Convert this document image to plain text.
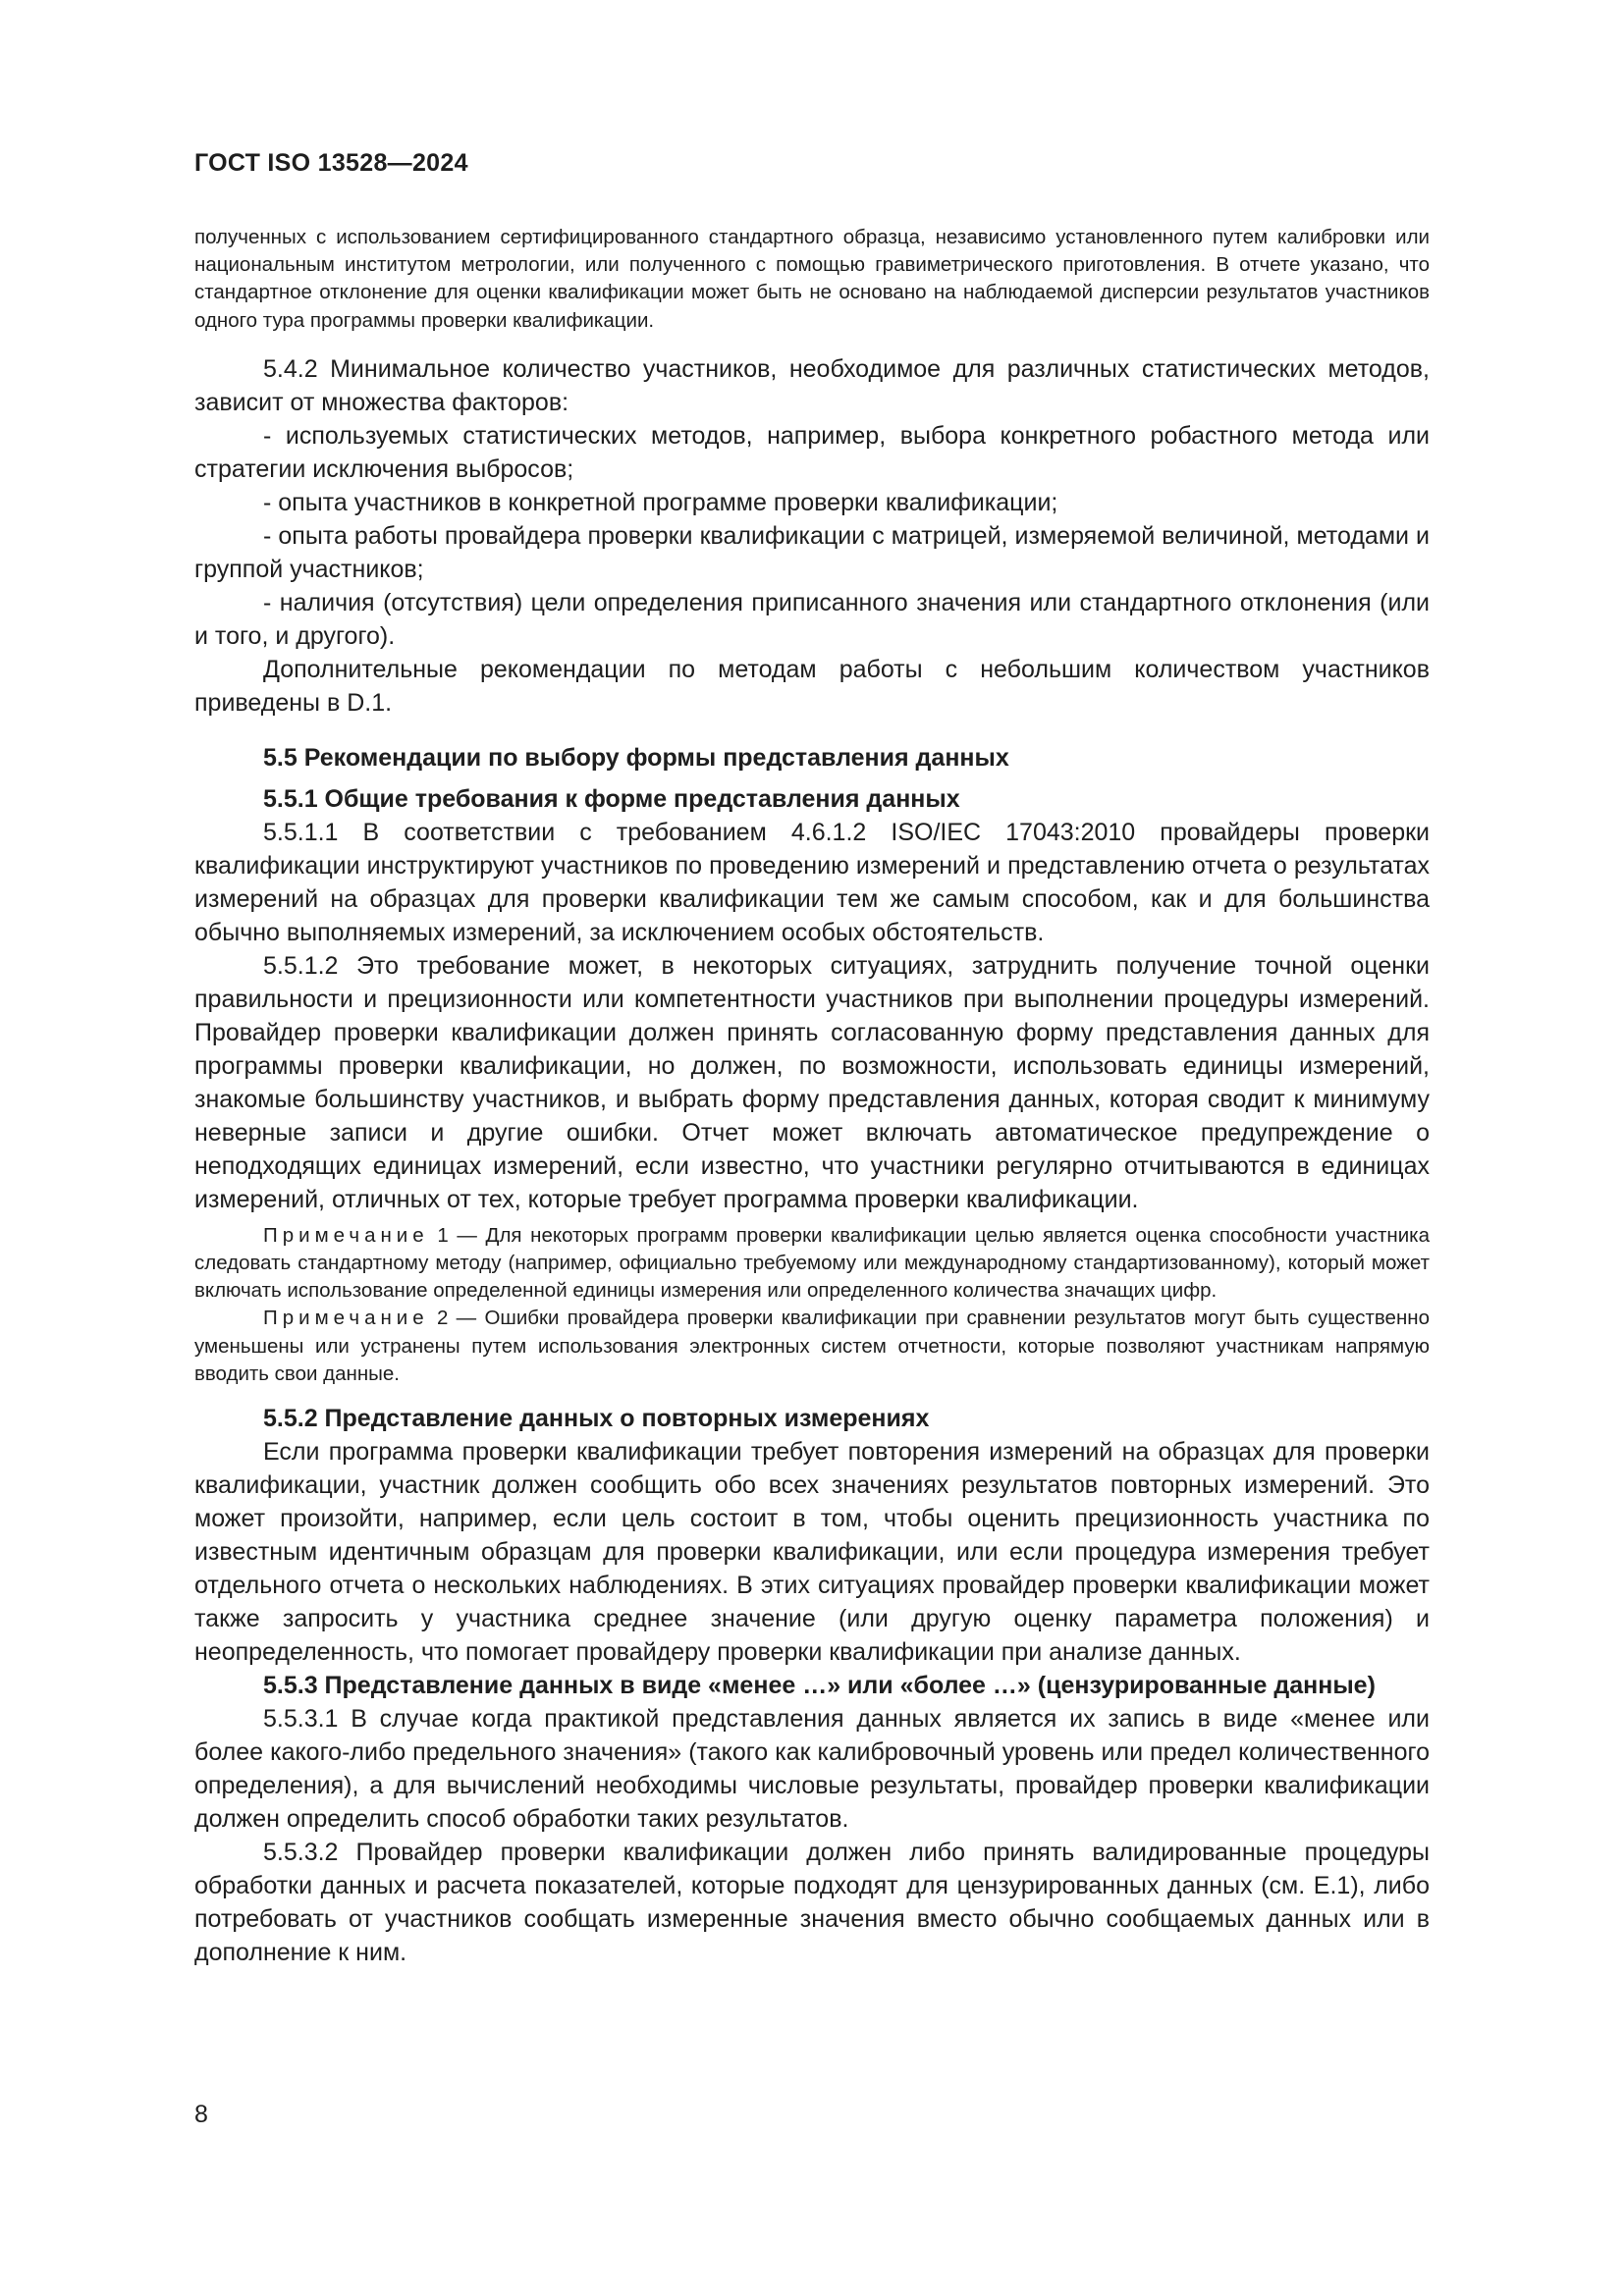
ГОСТ ISO 13528—2024

полученных с использованием сертифицированного стандартного образца, независимо установленного путем калибровки или национальным институтом метрологии, или полученного с помощью гравиметрического приготовления. В отчете указано, что стандартное отклонение для оценки квалификации может быть не основано на наблюдаемой дисперсии результатов участников одного тура программы проверки квалификации.

5.4.2 Минимальное количество участников, необходимое для различных статистических методов, зависит от множества факторов:

- используемых статистических методов, например, выбора конкретного робастного метода или стратегии исключения выбросов;

- опыта участников в конкретной программе проверки квалификации;

- опыта работы провайдера проверки квалификации с матрицей, измеряемой величиной, методами и группой участников;

- наличия (отсутствия) цели определения приписанного значения или стандартного отклонения (или и того, и другого).

Дополнительные рекомендации по методам работы с небольшим количеством участников приведены в D.1.

5.5 Рекомендации по выбору формы представления данных

5.5.1 Общие требования к форме представления данных

5.5.1.1 В соответствии с требованием 4.6.1.2 ISO/IEC 17043:2010 провайдеры проверки квалификации инструктируют участников по проведению измерений и представлению отчета о результатах измерений на образцах для проверки квалификации тем же самым способом, как и для большинства обычно выполняемых измерений, за исключением особых обстоятельств.

5.5.1.2 Это требование может, в некоторых ситуациях, затруднить получение точной оценки правильности и прецизионности или компетентности участников при выполнении процедуры измерений. Провайдер проверки квалификации должен принять согласованную форму представления данных для программы проверки квалификации, но должен, по возможности, использовать единицы измерений, знакомые большинству участников, и выбрать форму представления данных, которая сводит к минимуму неверные записи и другие ошибки. Отчет может включать автоматическое предупреждение о неподходящих единицах измерений, если известно, что участники регулярно отчитываются в единицах измерений, отличных от тех, которые требует программа проверки квалификации.

Примечание 1 — Для некоторых программ проверки квалификации целью является оценка способности участника следовать стандартному методу (например, официально требуемому или международному стандартизованному), который может включать использование определенной единицы измерения или определенного количества значащих цифр.

Примечание 2 — Ошибки провайдера проверки квалификации при сравнении результатов могут быть существенно уменьшены или устранены путем использования электронных систем отчетности, которые позволяют участникам напрямую вводить свои данные.

5.5.2 Представление данных о повторных измерениях

Если программа проверки квалификации требует повторения измерений на образцах для проверки квалификации, участник должен сообщить обо всех значениях результатов повторных измерений. Это может произойти, например, если цель состоит в том, чтобы оценить прецизионность участника по известным идентичным образцам для проверки квалификации, или если процедура измерения требует отдельного отчета о нескольких наблюдениях. В этих ситуациях провайдер проверки квалификации может также запросить у участника среднее значение (или другую оценку параметра положения) и неопределенность, что помогает провайдеру проверки квалификации при анализе данных.

5.5.3 Представление данных в виде «менее …» или «более …» (цензурированные данные)

5.5.3.1 В случае когда практикой представления данных является их запись в виде «менее или более какого-либо предельного значения» (такого как калибровочный уровень или предел количественного определения), а для вычислений необходимы числовые результаты, провайдер проверки квалификации должен определить способ обработки таких результатов.

5.5.3.2 Провайдер проверки квалификации должен либо принять валидированные процедуры обработки данных и расчета показателей, которые подходят для цензурированных данных (см. Е.1), либо потребовать от участников сообщать измеренные значения вместо обычно сообщаемых данных или в дополнение к ним.

8
